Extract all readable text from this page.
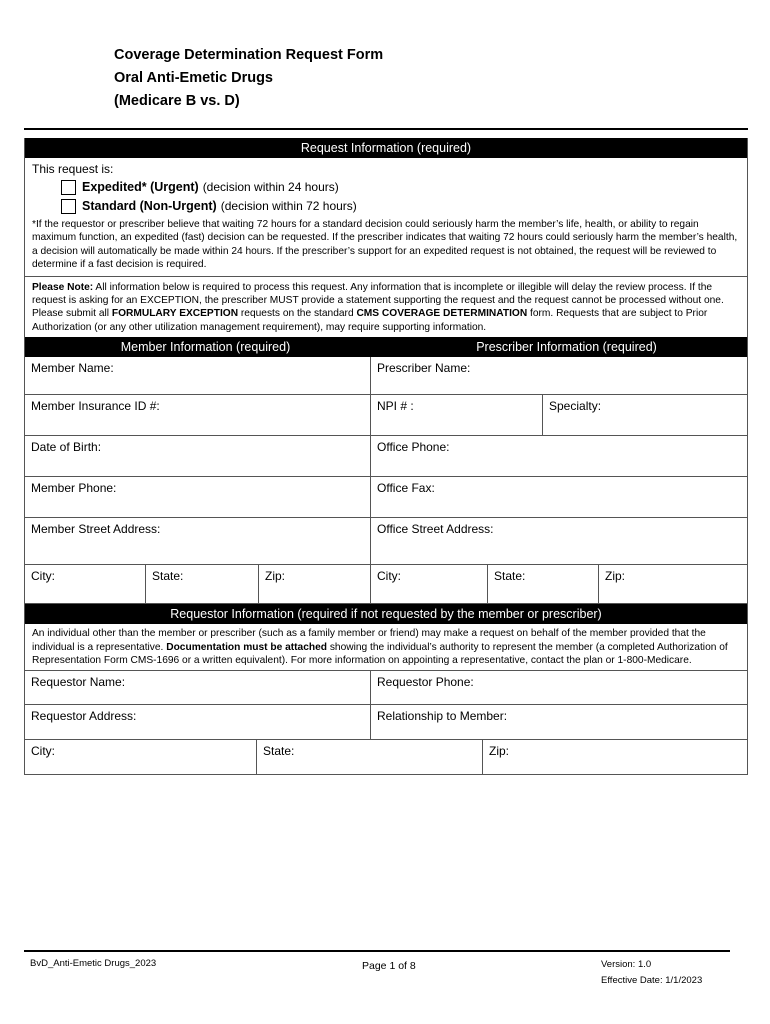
Coverage Determination Request Form
Oral Anti-Emetic Drugs
(Medicare B vs. D)
Request Information (required)
This request is:
Expedited* (Urgent) (decision within 24 hours)
Standard (Non-Urgent) (decision within 72 hours)
*If the requestor or prescriber believe that waiting 72 hours for a standard decision could seriously harm the member’s life, health, or ability to regain maximum function, an expedited (fast) decision can be requested. If the prescriber indicates that waiting 72 hours could seriously harm the member’s health, a decision will automatically be made within 24 hours. If the prescriber’s support for an expedited request is not obtained, the request will be reviewed to determine if a fast decision is required.
Please Note: All information below is required to process this request. Any information that is incomplete or illegible will delay the review process. If the request is asking for an EXCEPTION, the prescriber MUST provide a statement supporting the request and the request cannot be processed without one. Please submit all FORMULARY EXCEPTION requests on the standard CMS COVERAGE DETERMINATION form. Requests that are subject to Prior Authorization (or any other utilization management requirement), may require supporting information.
Member Information (required)	Prescriber Information (required)
Member Name:	Prescriber Name:
Member Insurance ID #:	NPI # :	Specialty:
Date of Birth:	Office Phone:
Member Phone:	Office Fax:
Member Street Address:	Office Street Address:
City:	State:	Zip:	City:	State:	Zip:
Requestor Information (required if not requested by the member or prescriber)
An individual other than the member or prescriber (such as a family member or friend) may make a request on behalf of the member provided that the individual is a representative. Documentation must be attached showing the individual’s authority to represent the member (a completed Authorization of Representation Form CMS-1696 or a written equivalent). For more information on appointing a representative, contact the plan or 1-800-Medicare.
Requestor Name:	Requestor Phone:
Requestor Address:	Relationship to Member:
City:	State:	Zip:
BvD_Anti-Emetic Drugs_2023	Page 1 of 8	Version: 1.0
Effective Date: 1/1/2023
